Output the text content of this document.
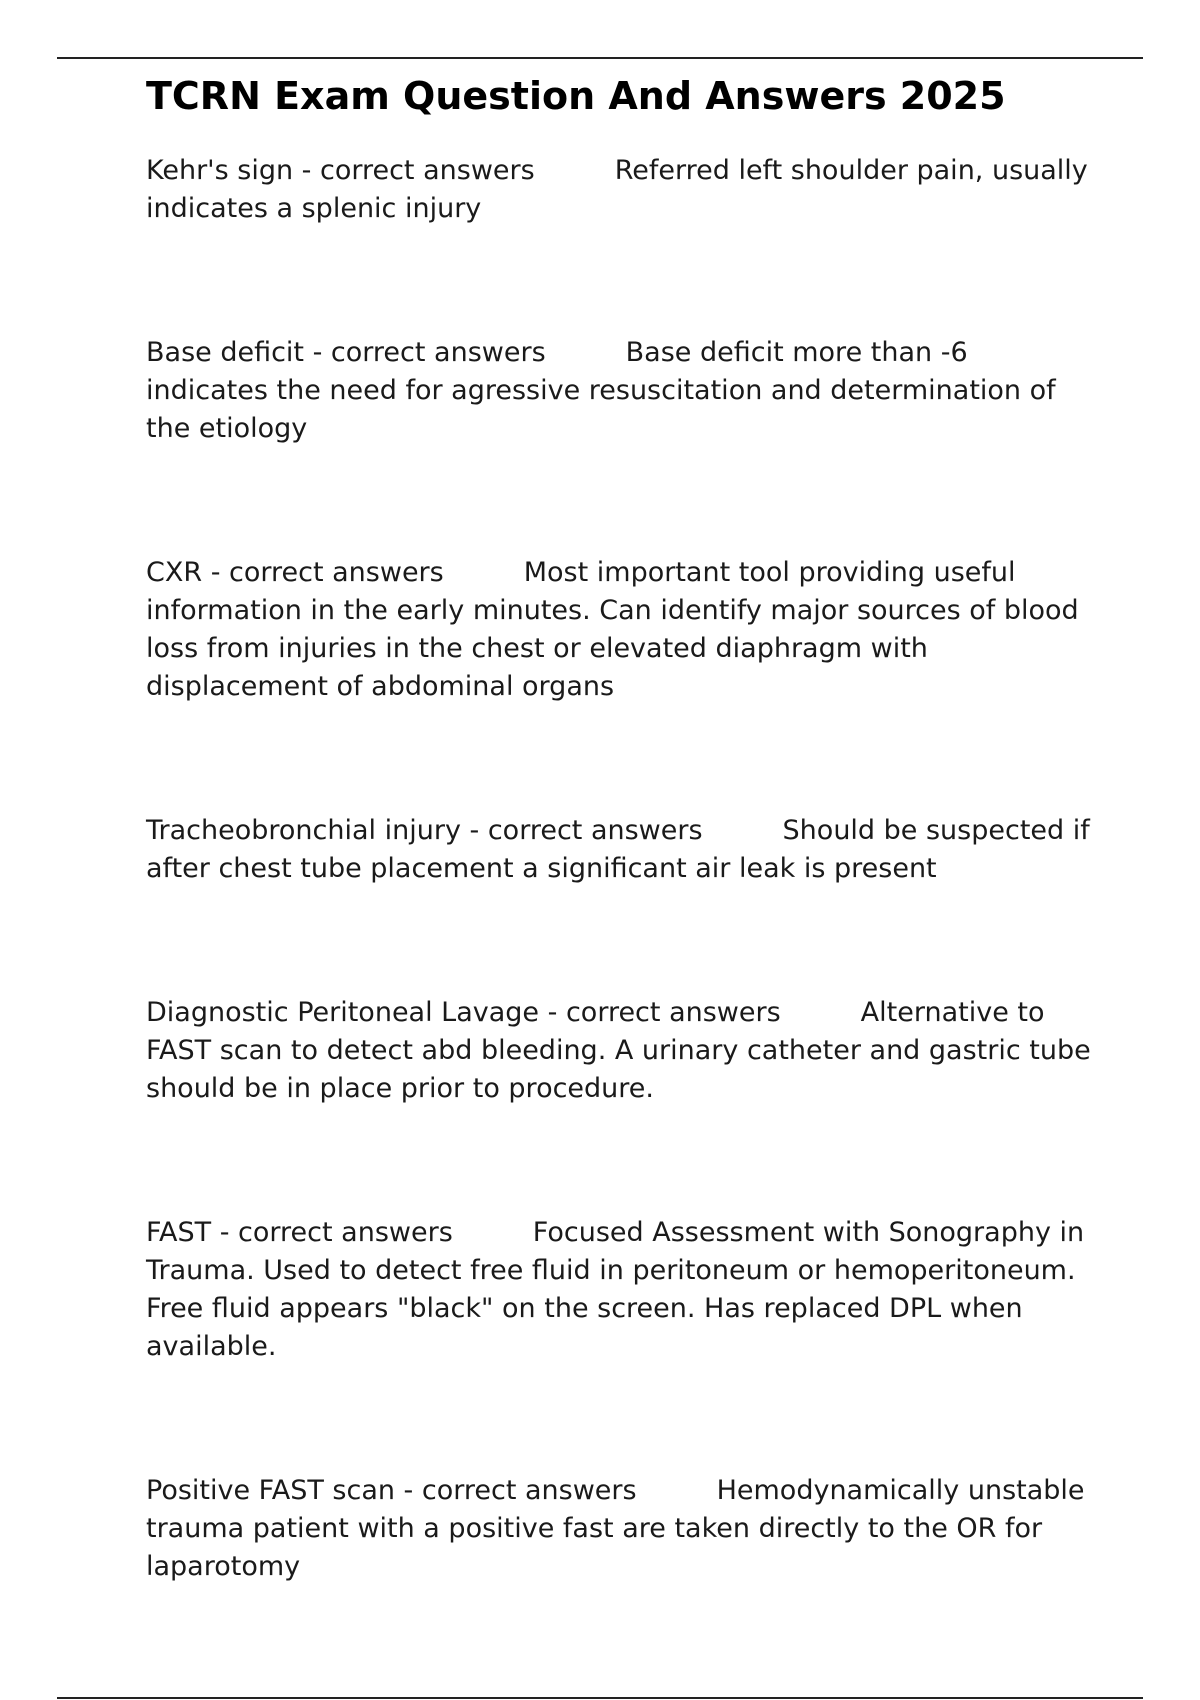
TCRN Exam Question And Answers 2025

Kehr's sign - correct answers	Referred left shoulder pain, usually indicates a splenic injury

Base deficit - correct answers	Base deficit more than -6 indicates the need for agressive resuscitation and determination of the etiology

CXR - correct answers	Most important tool providing useful information in the early minutes. Can identify major sources of blood loss from injuries in the chest or elevated diaphragm with displacement of abdominal organs

Tracheobronchial injury - correct answers	Should be suspected if after chest tube placement a significant air leak is present

Diagnostic Peritoneal Lavage - correct answers	Alternative to FAST scan to detect abd bleeding. A urinary catheter and gastric tube should be in place prior to procedure.

FAST - correct answers	Focused Assessment with Sonography in Trauma. Used to detect free fluid in peritoneum or hemoperitoneum. Free fluid appears "black" on the screen. Has replaced DPL when available.

Positive FAST scan - correct answers	Hemodynamically unstable trauma patient with a positive fast are taken directly to the OR for laparotomy
